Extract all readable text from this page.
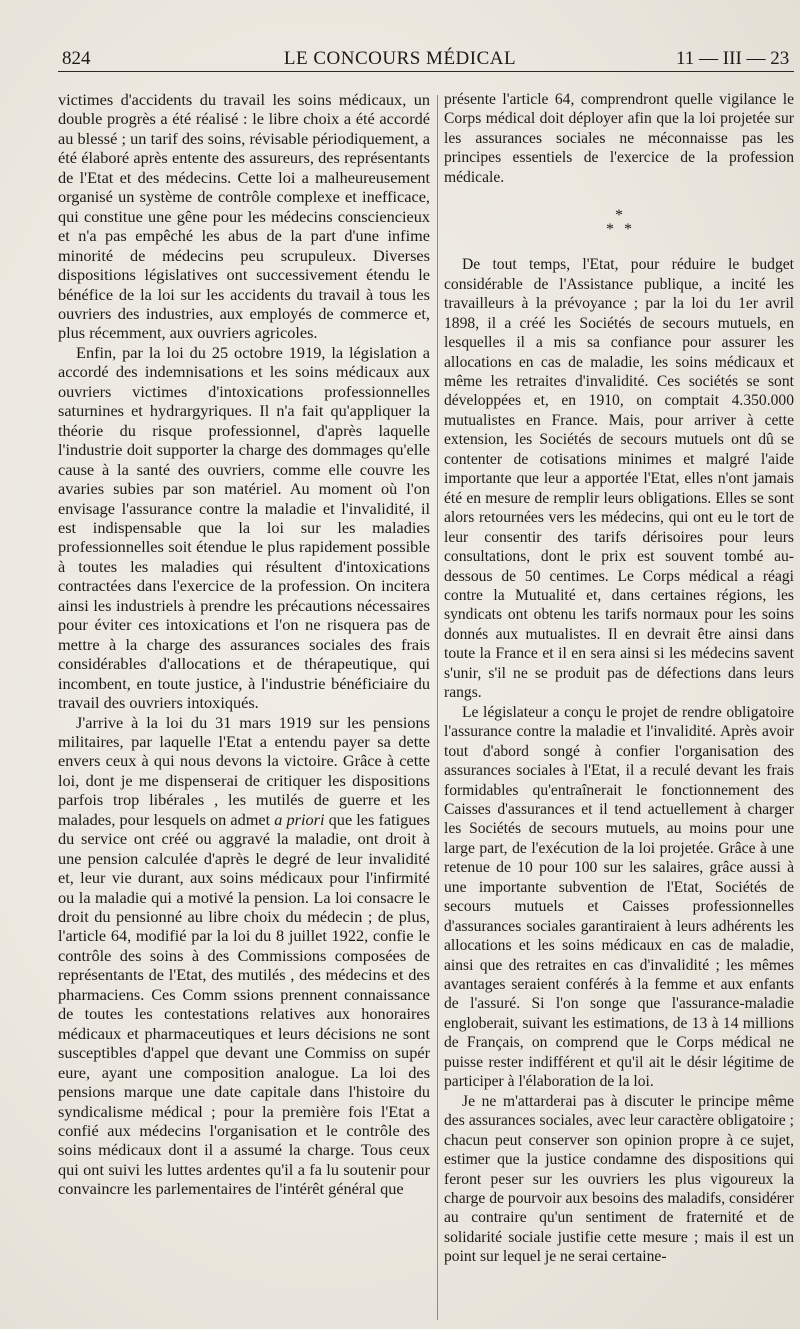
824	LE CONCOURS MÉDICAL	11 — III — 23

victimes d'accidents du travail les soins médicaux, un double progrès a été réalisé : le libre choix a été accordé au blessé ; un tarif des soins, révisable périodiquement, a été élaboré après entente des assureurs, des représentants de l'Etat et des médecins. Cette loi a malheureusement organisé un système de contrôle complexe et inefficace, qui constitue une gêne pour les médecins consciencieux et n'a pas empêché les abus de la part d'une infime minorité de médecins peu scrupuleux. Diverses dispositions législatives ont successivement étendu le bénéfice de la loi sur les accidents du travail à tous les ouvriers des industries, aux employés de commerce et, plus récemment, aux ouvriers agricoles.

Enfin, par la loi du 25 octobre 1919, la législation a accordé des indemnisations et les soins médicaux aux ouvriers victimes d'intoxications professionnelles saturnines et hydrargyriques. Il n'a fait qu'appliquer la théorie du risque professionnel, d'après laquelle l'industrie doit supporter la charge des dommages qu'elle cause à la santé des ouvriers, comme elle couvre les avaries subies par son matériel. Au moment où l'on envisage l'assurance contre la maladie et l'invalidité, il est indispensable que la loi sur les maladies professionnelles soit étendue le plus rapidement possible à toutes les maladies qui résultent d'intoxications contractées dans l'exercice de la profession. On incitera ainsi les industriels à prendre les précautions nécessaires pour éviter ces intoxications et l'on ne risquera pas de mettre à la charge des assurances sociales des frais considérables d'allocations et de thérapeutique, qui incombent, en toute justice, à l'industrie bénéficiaire du travail des ouvriers intoxiqués.

J'arrive à la loi du 31 mars 1919 sur les pensions militaires, par laquelle l'Etat a entendu payer sa dette envers ceux à qui nous devons la victoire. Grâce à cette loi, dont je me dispenserai de critiquer les dispositions parfois trop libérales , les mutilés de guerre et les malades, pour lesquels on admet a priori que les fatigues du service ont créé ou aggravé la maladie, ont droit à une pension calculée d'après le degré de leur invalidité et, leur vie durant, aux soins médicaux pour l'infirmité ou la maladie qui a motivé la pension. La loi consacre le droit du pensionné au libre choix du médecin ; de plus, l'article 64, modifié par la loi du 8 juillet 1922, confie le contrôle des soins à des Commissions composées de représentants de l'Etat, des mutilés , des médecins et des pharmaciens. Ces Comm ssions prennent connaissance de toutes les contestations relatives aux honoraires médicaux et pharmaceutiques et leurs décisions ne sont susceptibles d'appel que devant une Commiss on supér eure, ayant une composition analogue. La loi des pensions marque une date capitale dans l'histoire du syndicalisme médical ; pour la première fois l'Etat a confié aux médecins l'organisation et le contrôle des soins médicaux dont il a assumé la charge. Tous ceux qui ont suivi les luttes ardentes qu'il a fa lu soutenir pour convaincre les parlementaires de l'intérêt général que

présente l'article 64, comprendront quelle vigilance le Corps médical doit déployer afin que la loi projetée sur les assurances sociales ne méconnaisse pas les principes essentiels de l'exercice de la profession médicale.

*
**

De tout temps, l'Etat, pour réduire le budget considérable de l'Assistance publique, a incité les travailleurs à la prévoyance ; par la loi du 1er avril 1898, il a créé les Sociétés de secours mutuels, en lesquelles il a mis sa confiance pour assurer les allocations en cas de maladie, les soins médicaux et même les retraites d'invalidité. Ces sociétés se sont développées et, en 1910, on comptait 4.350.000 mutualistes en France. Mais, pour arriver à cette extension, les Sociétés de secours mutuels ont dû se contenter de cotisations minimes et malgré l'aide importante que leur a apportée l'Etat, elles n'ont jamais été en mesure de remplir leurs obligations. Elles se sont alors retournées vers les médecins, qui ont eu le tort de leur consentir des tarifs dérisoires pour leurs consultations, dont le prix est souvent tombé au-dessous de 50 centimes. Le Corps médical a réagi contre la Mutualité et, dans certaines régions, les syndicats ont obtenu les tarifs normaux pour les soins donnés aux mutualistes. Il en devrait être ainsi dans toute la France et il en sera ainsi si les médecins savent s'unir, s'il ne se produit pas de défections dans leurs rangs.

Le législateur a conçu le projet de rendre obligatoire l'assurance contre la maladie et l'invalidité. Après avoir tout d'abord songé à confier l'organisation des assurances sociales à l'Etat, il a reculé devant les frais formidables qu'entraînerait le fonctionnement des Caisses d'assurances et il tend actuellement à charger les Sociétés de secours mutuels, au moins pour une large part, de l'exécution de la loi projetée. Grâce à une retenue de 10 pour 100 sur les salaires, grâce aussi à une importante subvention de l'Etat, Sociétés de secours mutuels et Caisses professionnelles d'assurances sociales garantiraient à leurs adhérents les allocations et les soins médicaux en cas de maladie, ainsi que des retraites en cas d'invalidité ; les mêmes avantages seraient conférés à la femme et aux enfants de l'assuré. Si l'on songe que l'assurance-maladie engloberait, suivant les estimations, de 13 à 14 millions de Français, on comprend que le Corps médical ne puisse rester indifférent et qu'il ait le désir légitime de participer à l'élaboration de la loi.

Je ne m'attarderai pas à discuter le principe même des assurances sociales, avec leur caractère obligatoire ; chacun peut conserver son opinion propre à ce sujet, estimer que la justice condamne des dispositions qui feront peser sur les ouvriers les plus vigoureux la charge de pourvoir aux besoins des maladifs, considérer au contraire qu'un sentiment de fraternité et de solidarité sociale justifie cette mesure ; mais il est un point sur lequel je ne serai certaine-
